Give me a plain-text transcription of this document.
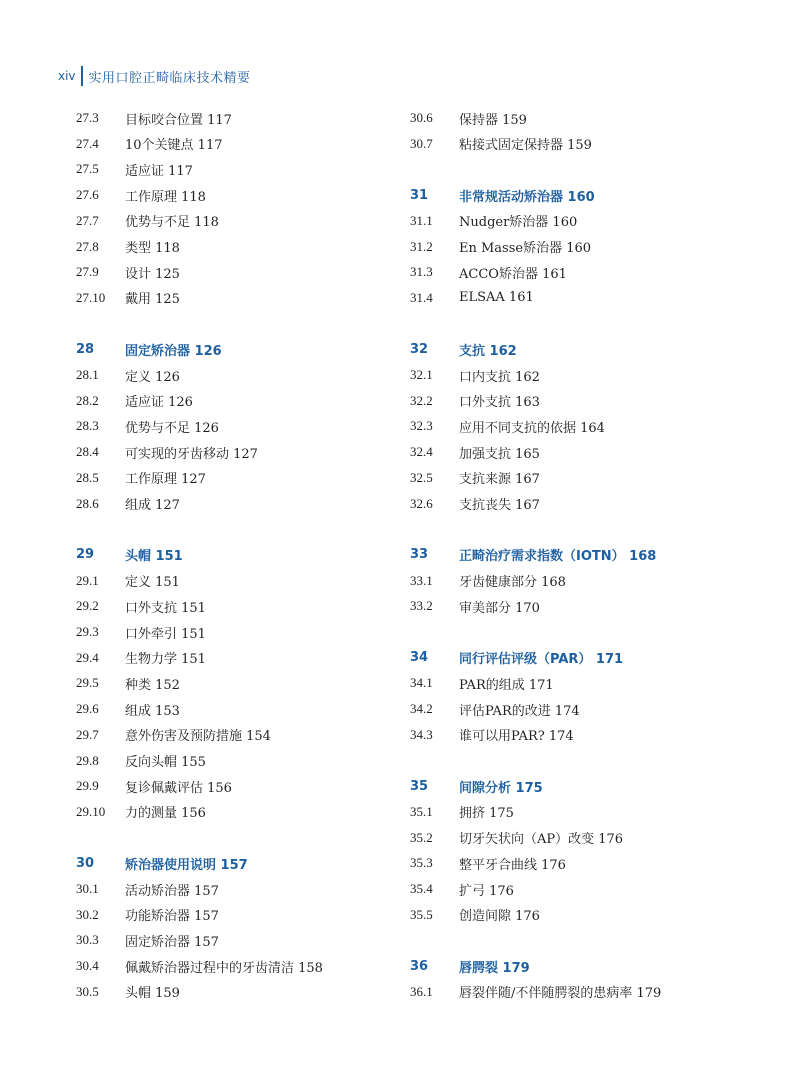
xiv 实用口腔正畸临床技术精要
27.3 目标咬合位置 117
27.4 10个关键点 117
27.5 适应证 117
27.6 工作原理 118
27.7 优势与不足 118
27.8 类型 118
27.9 设计 125
27.10 戴用 125
28 固定矫治器 126
28.1 定义 126
28.2 适应证 126
28.3 优势与不足 126
28.4 可实现的牙齿移动 127
28.5 工作原理 127
28.6 组成 127
29 头帽 151
29.1 定义 151
29.2 口外支抗 151
29.3 口外牵引 151
29.4 生物力学 151
29.5 种类 152
29.6 组成 153
29.7 意外伤害及预防措施 154
29.8 反向头帽 155
29.9 复诊佩戴评估 156
29.10 力的测量 156
30 矫治器使用说明 157
30.1 活动矫治器 157
30.2 功能矫治器 157
30.3 固定矫治器 157
30.4 佩戴矫治器过程中的牙齿清洁 158
30.5 头帽 159
30.6 保持器 159
30.7 粘接式固定保持器 159
31 非常规活动矫治器 160
31.1 Nudger矫治器 160
31.2 En Masse矫治器 160
31.3 ACCO矫治器 161
31.4 ELSAA 161
32 支抗 162
32.1 口内支抗 162
32.2 口外支抗 163
32.3 应用不同支抗的依据 164
32.4 加强支抗 165
32.5 支抗来源 167
32.6 支抗丧失 167
33 正畸治疗需求指数（IOTN） 168
33.1 牙齿健康部分 168
33.2 审美部分 170
34 同行评估评级（PAR） 171
34.1 PAR的组成 171
34.2 评估PAR的改进 174
34.3 谁可以用PAR? 174
35 间隙分析 175
35.1 拥挤 175
35.2 切牙矢状向（AP）改变 176
35.3 整平牙合曲线 176
35.4 扩弓 176
35.5 创造间隙 176
36 唇腭裂 179
36.1 唇裂伴随/不伴随腭裂的患病率 179
